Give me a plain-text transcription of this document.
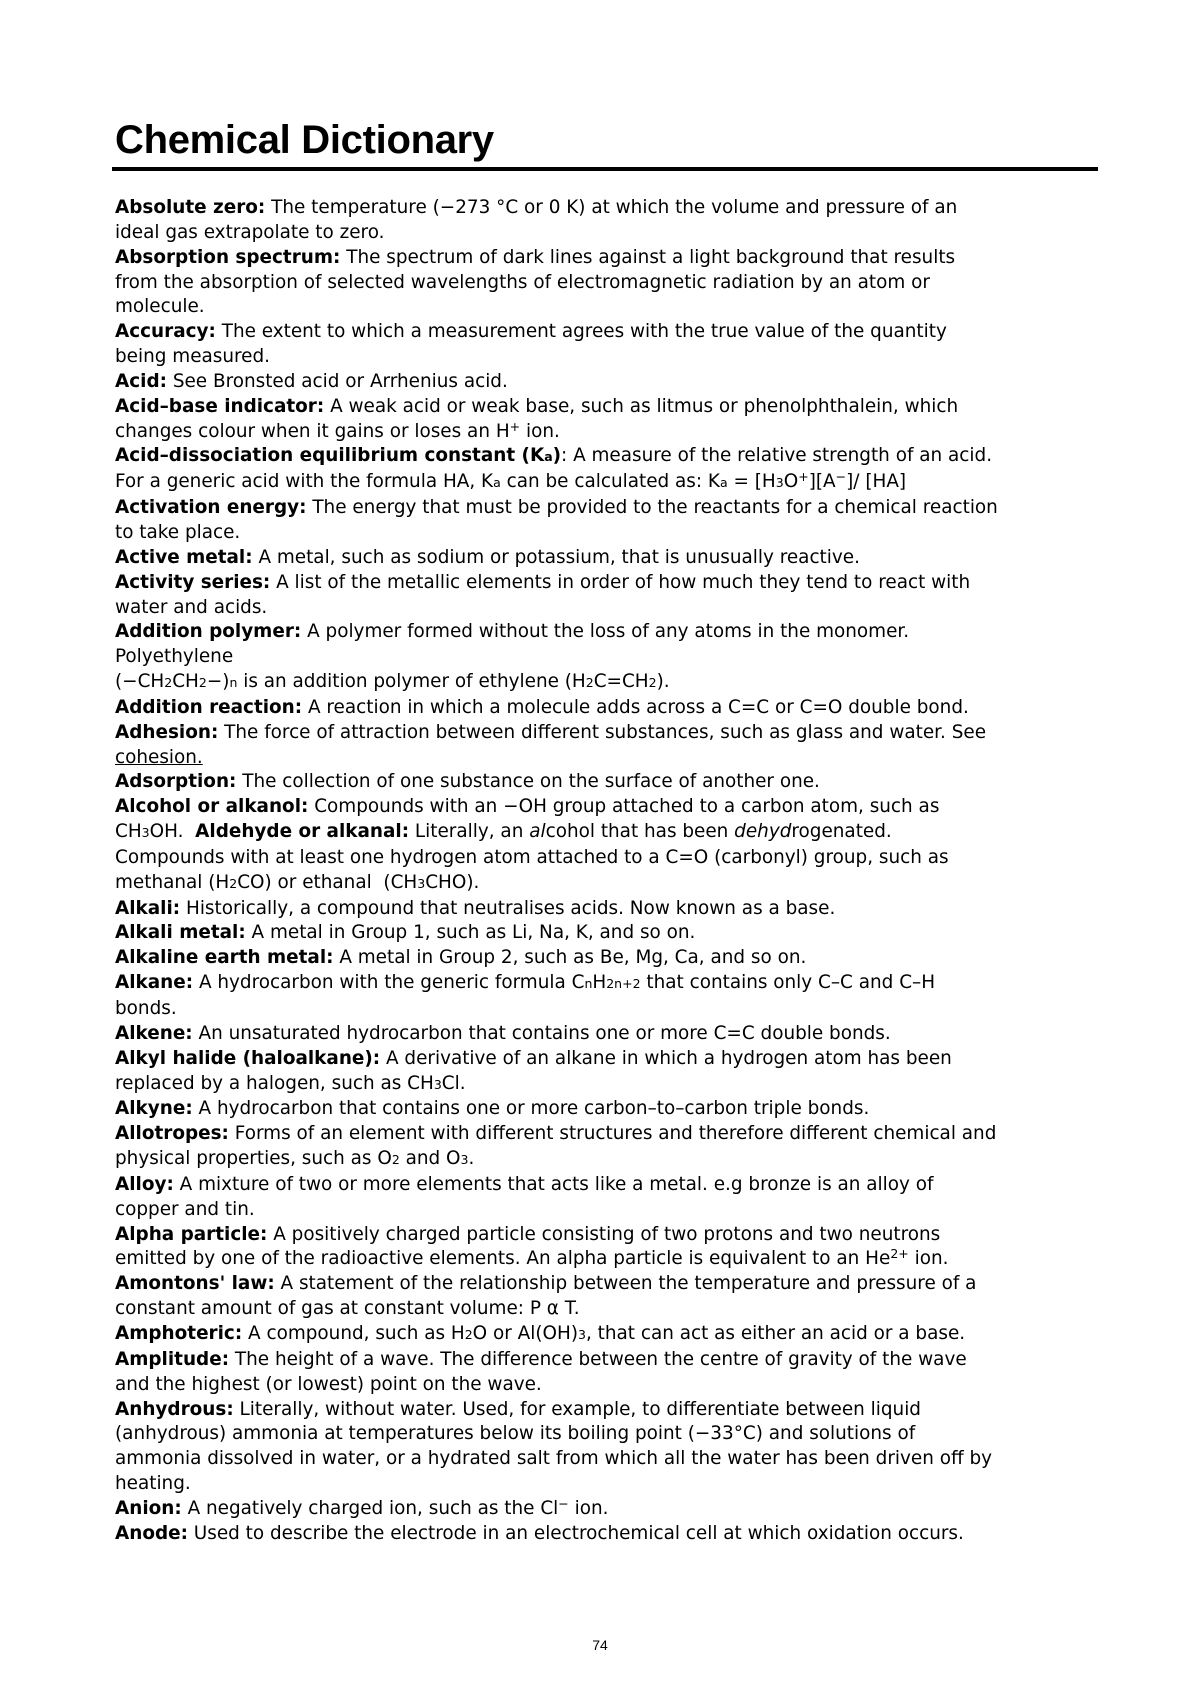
Chemical Dictionary
Absolute zero: The temperature (−273 °C or 0 K) at which the volume and pressure of an
ideal gas extrapolate to zero.
Absorption spectrum: The spectrum of dark lines against a light background that results
from the absorption of selected wavelengths of electromagnetic radiation by an atom or
molecule.
Accuracy: The extent to which a measurement agrees with the true value of the quantity
being measured.
Acid: See Bronsted acid or Arrhenius acid.
Acid–base indicator: A weak acid or weak base, such as litmus or phenolphthalein, which
changes colour when it gains or loses an H+ ion.
Acid–dissociation equilibrium constant (Ka): A measure of the relative strength of an acid.
For a generic acid with the formula HA, Ka can be calculated as: Ka = [H3O+][A−]/ [HA]
Activation energy: The energy that must be provided to the reactants for a chemical reaction
to take place.
Active metal: A metal, such as sodium or potassium, that is unusually reactive.
Activity series: A list of the metallic elements in order of how much they tend to react with
water and acids.
Addition polymer: A polymer formed without the loss of any atoms in the monomer.
Polyethylene
(−CH2CH2−)n is an addition polymer of ethylene (H2C=CH2).
Addition reaction: A reaction in which a molecule adds across a C=C or C=O double bond.
Adhesion: The force of attraction between different substances, such as glass and water. See
cohesion.
Adsorption: The collection of one substance on the surface of another one.
Alcohol or alkanol: Compounds with an −OH group attached to a carbon atom, such as
CH3OH.  Aldehyde or alkanal: Literally, an alcohol that has been dehydrogenated.
Compounds with at least one hydrogen atom attached to a C=O (carbonyl) group, such as
methanal (H2CO) or ethanal  (CH3CHO).
Alkali: Historically, a compound that neutralises acids. Now known as a base.
Alkali metal: A metal in Group 1, such as Li, Na, K, and so on.
Alkaline earth metal: A metal in Group 2, such as Be, Mg, Ca, and so on.
Alkane: A hydrocarbon with the generic formula CnH2n+2 that contains only C–C and C–H
bonds.
Alkene: An unsaturated hydrocarbon that contains one or more C=C double bonds.
Alkyl halide (haloalkane): A derivative of an alkane in which a hydrogen atom has been
replaced by a halogen, such as CH3Cl.
Alkyne: A hydrocarbon that contains one or more carbon–to–carbon triple bonds.
Allotropes: Forms of an element with different structures and therefore different chemical and
physical properties, such as O2 and O3.
Alloy: A mixture of two or more elements that acts like a metal. e.g bronze is an alloy of
copper and tin.
Alpha particle: A positively charged particle consisting of two protons and two neutrons
emitted by one of the radioactive elements. An alpha particle is equivalent to an $He^{2+}$ ion.
Amontons' law: A statement of the relationship between the temperature and pressure of a
constant amount of gas at constant volume: P α T.
Amphoteric: A compound, such as H2O or Al(OH)3, that can act as either an acid or a base.
Amplitude: The height of a wave. The difference between the centre of gravity of the wave
and the highest (or lowest) point on the wave.
Anhydrous: Literally, without water. Used, for example, to differentiate between liquid
(anhydrous) ammonia at temperatures below its boiling point (−33°C) and solutions of
ammonia dissolved in water, or a hydrated salt from which all the water has been driven off by
heating.
Anion: A negatively charged ion, such as the Cl− ion.
Anode: Used to describe the electrode in an electrochemical cell at which oxidation occurs.
74
